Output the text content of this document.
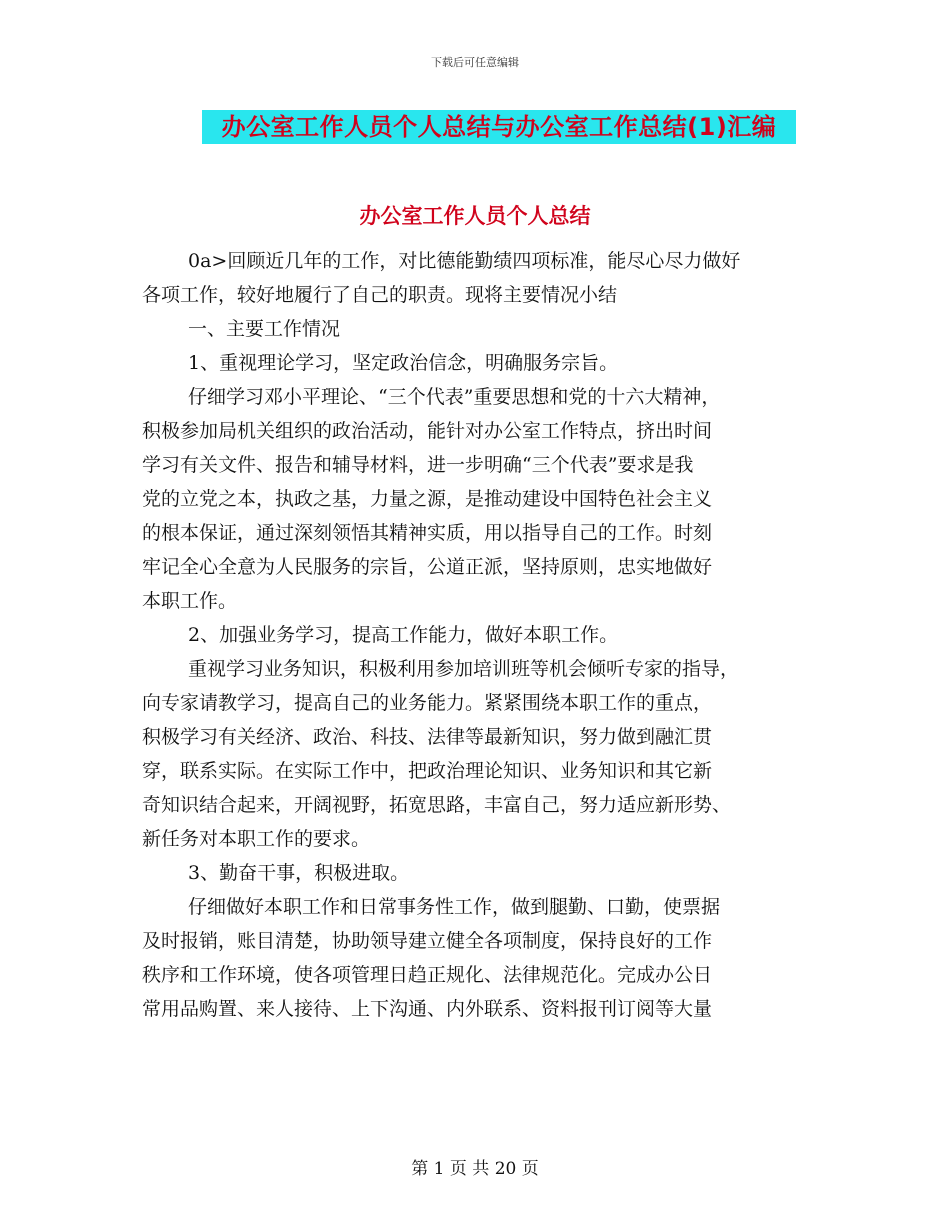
下载后可任意编辑
办公室工作人员个人总结与办公室工作总结(1)汇编
办公室工作人员个人总结
0a>回顾近几年的工作，对比德能勤绩四项标准，能尽心尽力做好
各项工作，较好地履行了自己的职责。现将主要情况小结
一、主要工作情况
1、重视理论学习，坚定政治信念，明确服务宗旨。
仔细学习邓小平理论、“三个代表”重要思想和党的十六大精神，
积极参加局机关组织的政治活动，能针对办公室工作特点，挤出时间
学习有关文件、报告和辅导材料，进一步明确“三个代表”要求是我
党的立党之本，执政之基，力量之源，是推动建设中国特色社会主义
的根本保证，通过深刻领悟其精神实质，用以指导自己的工作。时刻
牢记全心全意为人民服务的宗旨，公道正派，坚持原则，忠实地做好
本职工作。
2、加强业务学习，提高工作能力，做好本职工作。
重视学习业务知识，积极利用参加培训班等机会倾听专家的指导，
向专家请教学习，提高自己的业务能力。紧紧围绕本职工作的重点，
积极学习有关经济、政治、科技、法律等最新知识，努力做到融汇贯
穿，联系实际。在实际工作中，把政治理论知识、业务知识和其它新
奇知识结合起来，开阔视野，拓宽思路，丰富自己，努力适应新形势、
新任务对本职工作的要求。
3、勤奋干事，积极进取。
仔细做好本职工作和日常事务性工作，做到腿勤、口勤，使票据
及时报销，账目清楚，协助领导建立健全各项制度，保持良好的工作
秩序和工作环境，使各项管理日趋正规化、法律规范化。完成办公日
常用品购置、来人接待、上下沟通、内外联系、资料报刊订阅等大量
第 1 页 共 20 页
